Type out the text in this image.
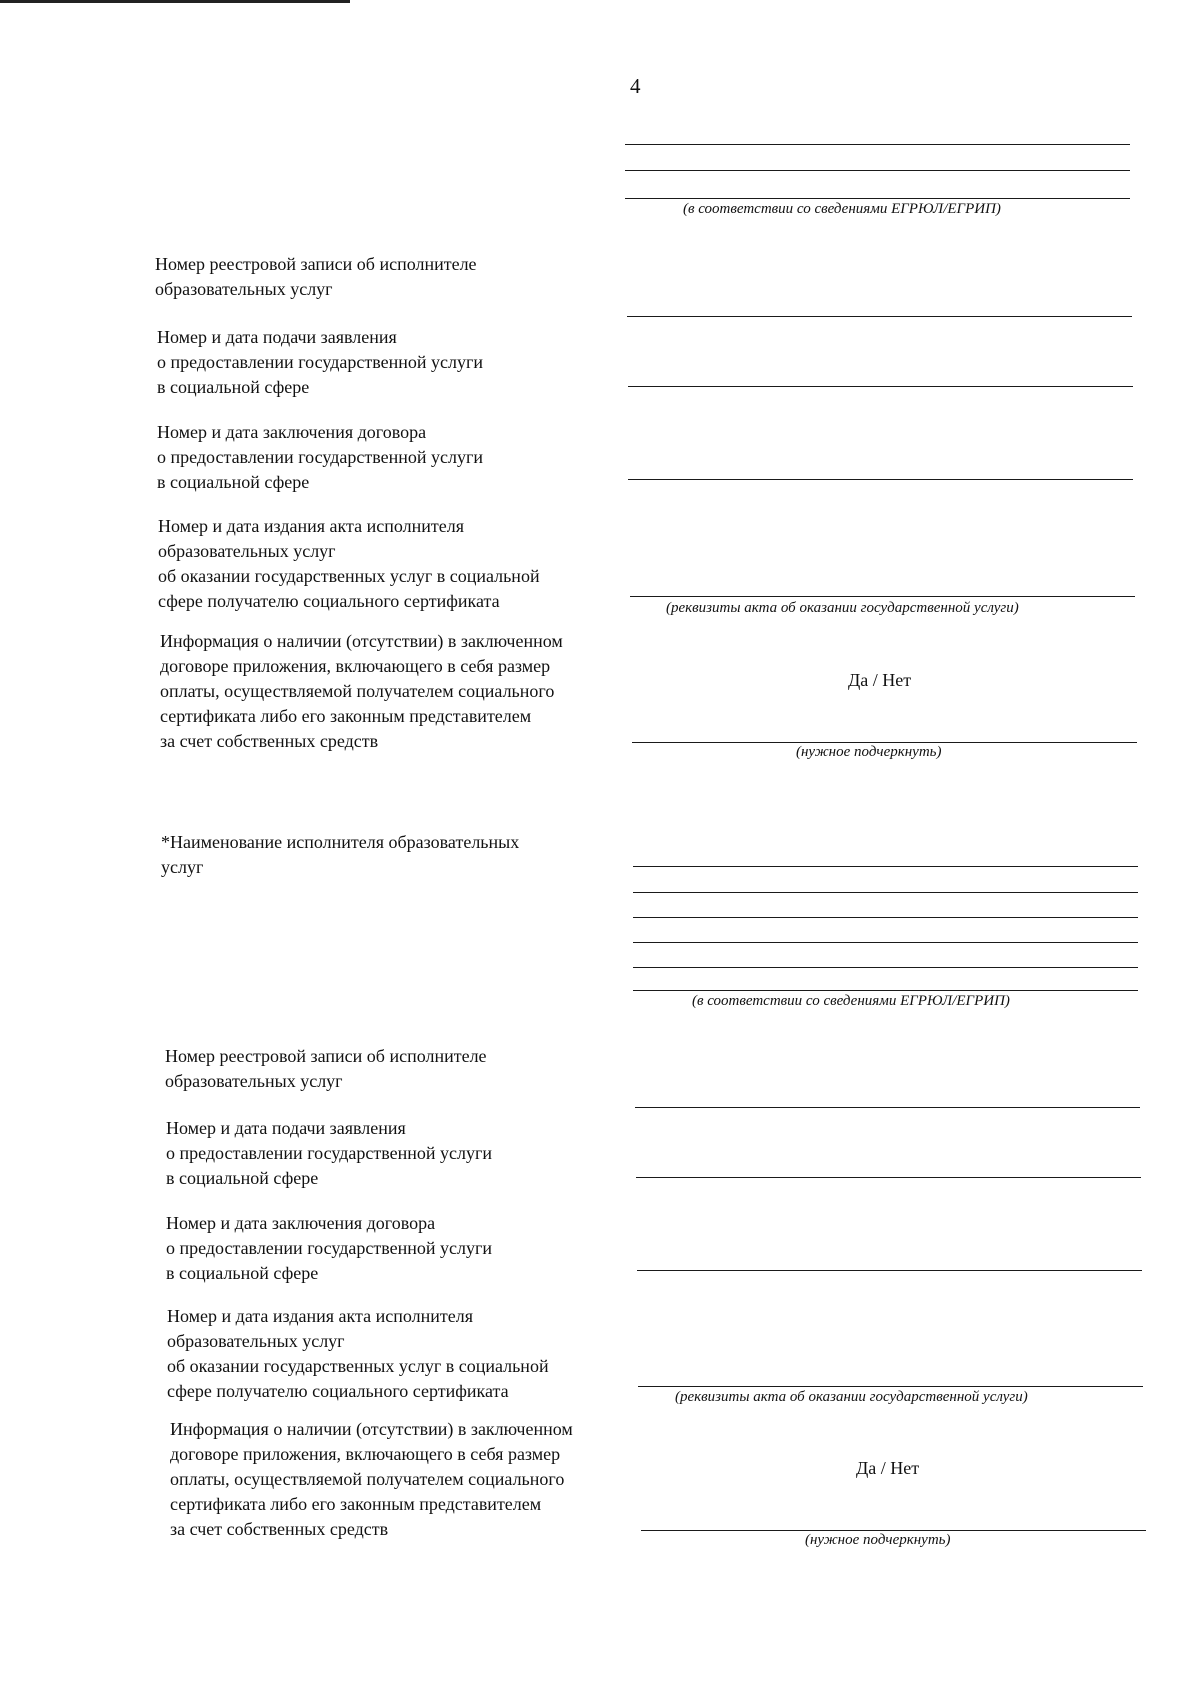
4
(в соответствии со сведениями ЕГРЮЛ/ЕГРИП)
Номер реестровой записи об исполнителе
образовательных услуг
Номер и дата подачи заявления
о предоставлении государственной услуги
в социальной сфере
Номер и дата заключения договора
о предоставлении государственной услуги
в социальной сфере
Номер и дата издания акта исполнителя
образовательных услуг
об оказании государственных услуг в социальной
сфере получателю социального сертификата	(реквизиты акта об оказании государственной услуги)
Информация о наличии (отсутствии) в заключенном
договоре приложения, включающего в себя размер
оплаты, осуществляемой получателем социального
сертификата либо его законным представителем
за счет собственных средств
Да / Нет
(нужное подчеркнуть)
*Наименование исполнителя образовательных
услуг
(в соответствии со сведениями ЕГРЮЛ/ЕГРИП)
Номер реестровой записи об исполнителе
образовательных услуг
Номер и дата подачи заявления
о предоставлении государственной услуги
в социальной сфере
Номер и дата заключения договора
о предоставлении государственной услуги
в социальной сфере
Номер и дата издания акта исполнителя
образовательных услуг
об оказании государственных услуг в социальной
сфере получателю социального сертификата	(реквизиты акта об оказании государственной услуги)
Информация о наличии (отсутствии) в заключенном
договоре приложения, включающего в себя размер
оплаты, осуществляемой получателем социального
сертификата либо его законным представителем
за счет собственных средств
Да / Нет
(нужное подчеркнуть)
